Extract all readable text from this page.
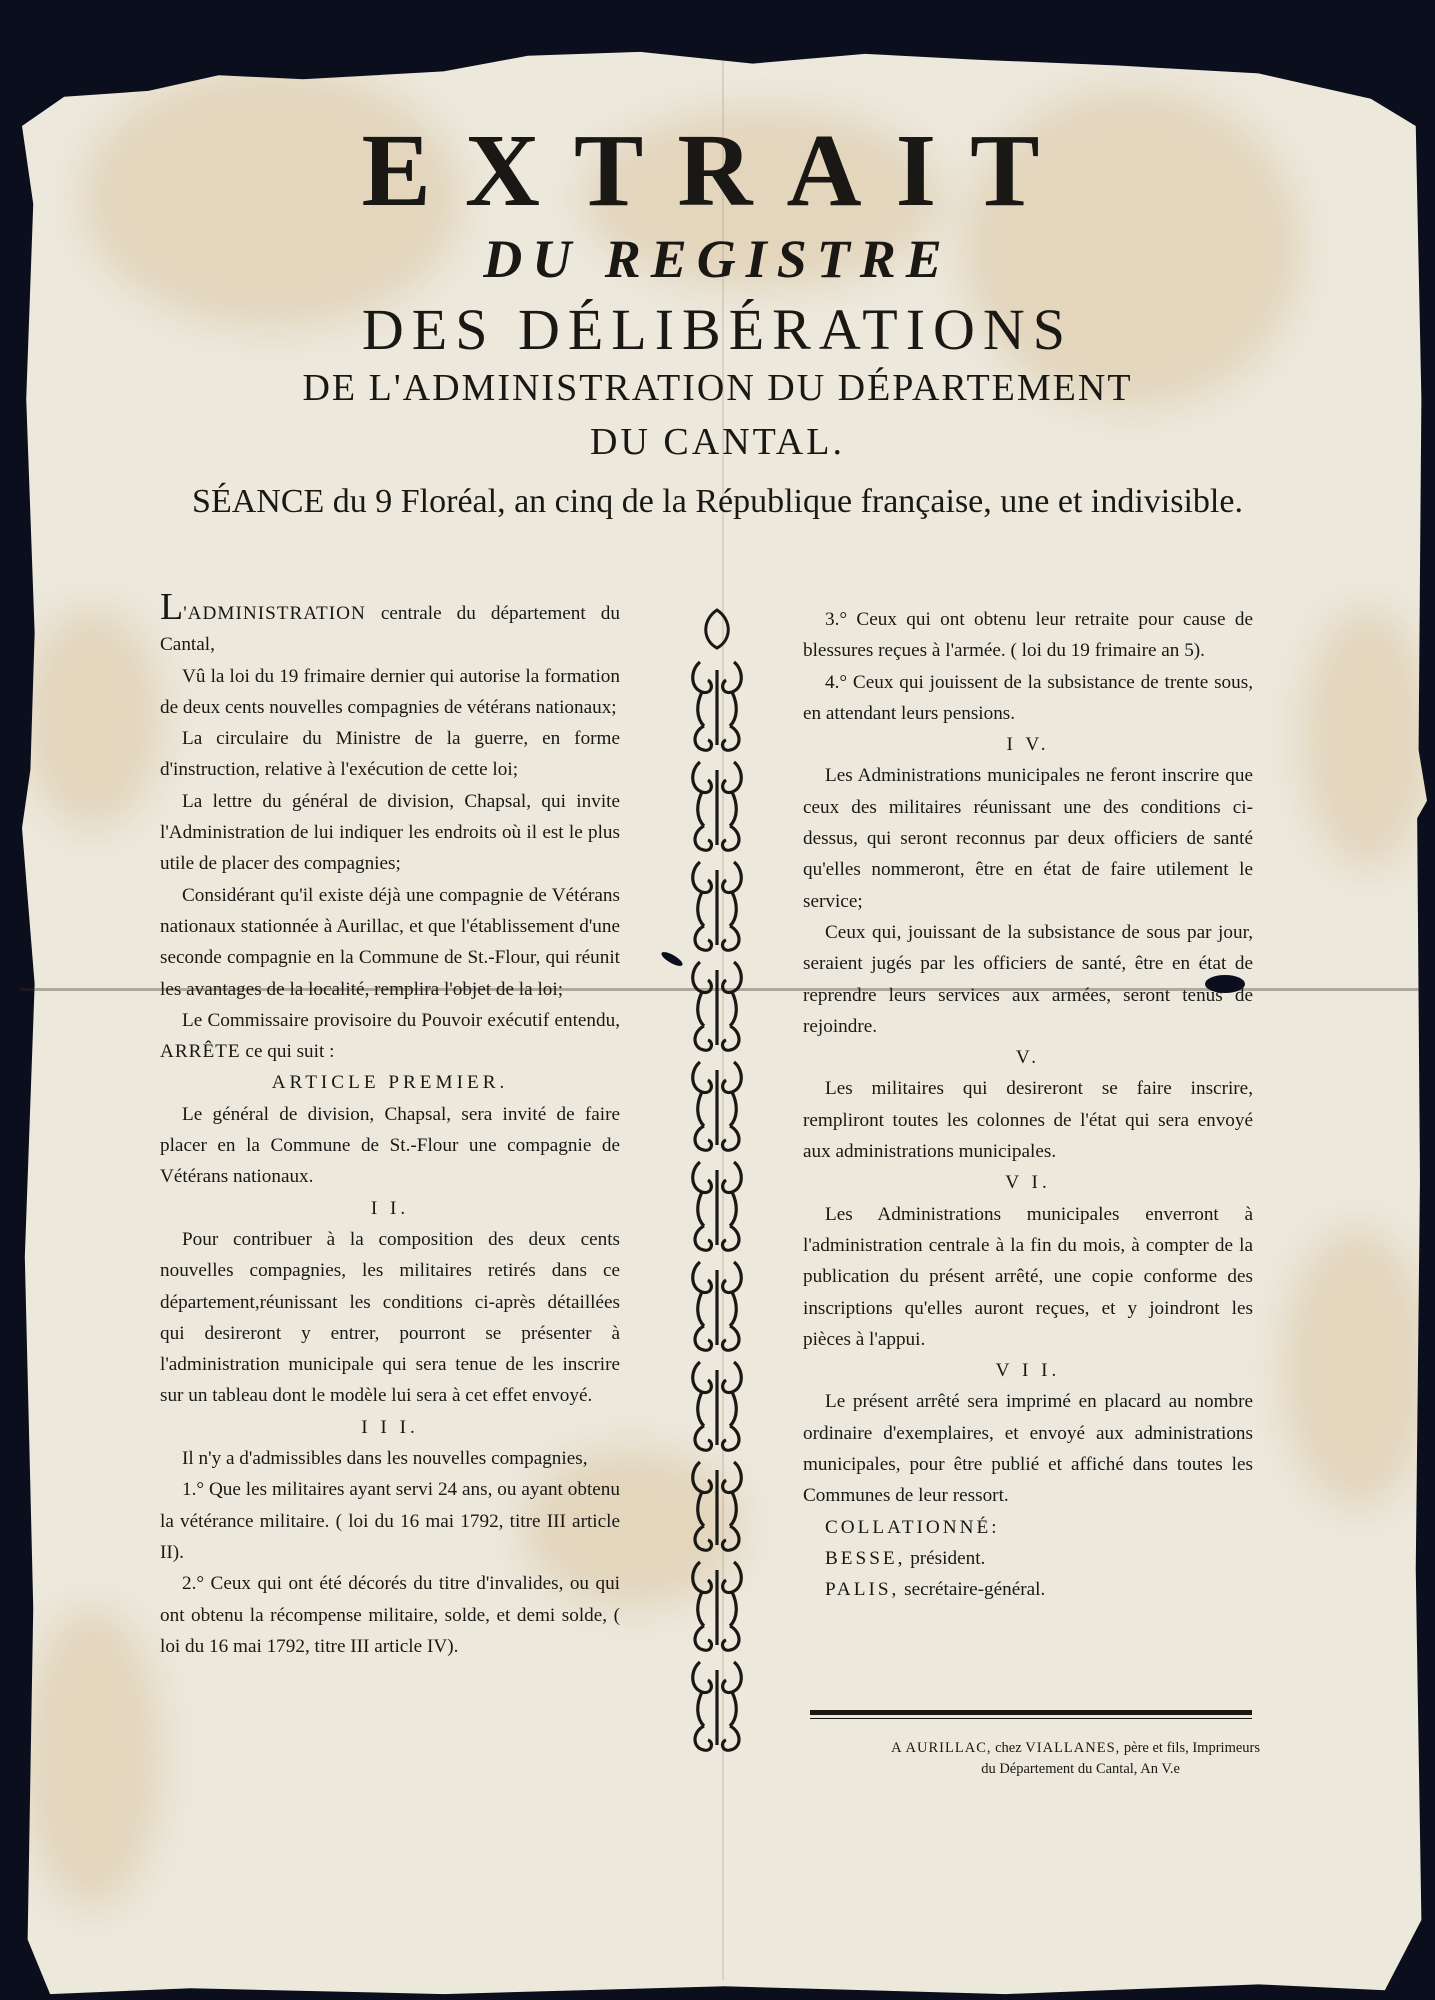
EXTRAIT
DU REGISTRE
DES DÉLIBÉRATIONS
DE L'ADMINISTRATION DU DÉPARTEMENT
DU CANTAL.
SÉANCE du 9 Floréal, an cinq de la République française, une et indivisible.

L'ADMINISTRATION centrale du département du Cantal,

Vû la loi du 19 frimaire dernier qui autorise la formation de deux cents nouvelles compagnies de vétérans nationaux;

La circulaire du Ministre de la guerre, en forme d'instruction, relative à l'exécution de cette loi;

La lettre du général de division, Chapsal, qui invite l'Administration de lui indiquer les endroits où il est le plus utile de placer des compagnies;

Considérant qu'il existe déjà une compagnie de Vétérans nationaux stationnée à Aurillac, et que l'établissement d'une seconde compagnie en la Commune de St.-Flour, qui réunit les avantages de la localité, remplira l'objet de la loi;

Le Commissaire provisoire du Pouvoir exécutif entendu, ARRÊTE ce qui suit :

ARTICLE PREMIER.

Le général de division, Chapsal, sera invité de faire placer en la Commune de St.-Flour une compagnie de Vétérans nationaux.

I I.

Pour contribuer à la composition des deux cents nouvelles compagnies, les militaires retirés dans ce département,réunissant les conditions ci-après détaillées qui desireront y entrer, pourront se présenter à l'administration municipale qui sera tenue de les inscrire sur un tableau dont le modèle lui sera à cet effet envoyé.

I I I.

Il n'y a d'admissibles dans les nouvelles compagnies,

1.° Que les militaires ayant servi 24 ans, ou ayant obtenu la vétérance militaire. ( loi du 16 mai 1792, titre III article II).

2.° Ceux qui ont été décorés du titre d'invalides, ou qui ont obtenu la récompense militaire, solde, et demi solde, ( loi du 16 mai 1792, titre III article IV).

3.° Ceux qui ont obtenu leur retraite pour cause de blessures reçues à l'armée. ( loi du 19 frimaire an 5).

4.° Ceux qui jouissent de la subsistance de trente sous, en attendant leurs pensions.

I V.

Les Administrations municipales ne feront inscrire que ceux des militaires réunissant une des conditions ci-dessus, qui seront reconnus par deux officiers de santé qu'elles nommeront, être en état de faire utilement le service;

Ceux qui, jouissant de la subsistance de sous par jour, seraient jugés par les officiers de santé, être en état de reprendre leurs services aux armées, seront tenus de rejoindre.

V.

Les militaires qui desireront se faire inscrire, rempliront toutes les colonnes de l'état qui sera envoyé aux administrations municipales.

V I.

Les Administrations municipales enverront à l'administration centrale à la fin du mois, à compter de la publication du présent arrêté, une copie conforme des inscriptions qu'elles auront reçues, et y joindront les pièces à l'appui.

V I I.

Le présent arrêté sera imprimé en placard au nombre ordinaire d'exemplaires, et envoyé aux administrations municipales, pour être publié et affiché dans toutes les Communes de leur ressort.

COLLATIONNÉ:

BESSE, président.

PALIS, secrétaire-général.

A AURILLAC, chez VIALLANES, père et fils, Imprimeurs
du Département du Cantal, An V.e
